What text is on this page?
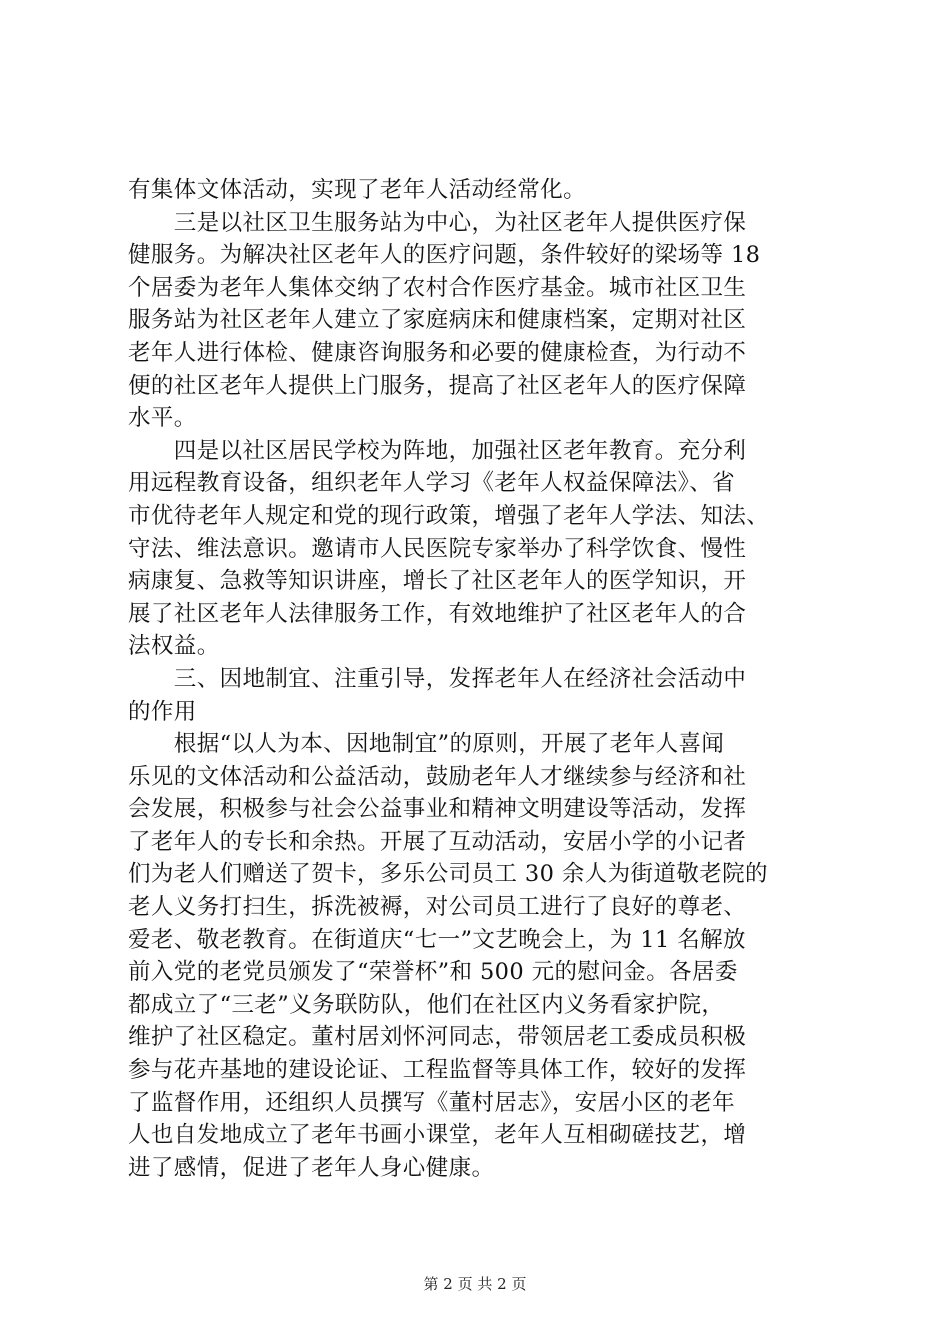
有集体文体活动，实现了老年人活动经常化。
　　三是以社区卫生服务站为中心，为社区老年人提供医疗保
健服务。为解决社区老年人的医疗问题，条件较好的梁场等 18
个居委为老年人集体交纳了农村合作医疗基金。城市社区卫生
服务站为社区老年人建立了家庭病床和健康档案，定期对社区
老年人进行体检、健康咨询服务和必要的健康检查，为行动不
便的社区老年人提供上门服务，提高了社区老年人的医疗保障
水平。
　　四是以社区居民学校为阵地，加强社区老年教育。充分利
用远程教育设备，组织老年人学习《老年人权益保障法》、省
市优待老年人规定和党的现行政策，增强了老年人学法、知法、
守法、维法意识。邀请市人民医院专家举办了科学饮食、慢性
病康复、急救等知识讲座，增长了社区老年人的医学知识，开
展了社区老年人法律服务工作，有效地维护了社区老年人的合
法权益。
　　三、因地制宜、注重引导，发挥老年人在经济社会活动中
的作用
　　根据“以人为本、因地制宜”的原则，开展了老年人喜闻
乐见的文体活动和公益活动，鼓励老年人才继续参与经济和社
会发展，积极参与社会公益事业和精神文明建设等活动，发挥
了老年人的专长和余热。开展了互动活动，安居小学的小记者
们为老人们赠送了贺卡，多乐公司员工 30 余人为街道敬老院的
老人义务打扫生，拆洗被褥，对公司员工进行了良好的尊老、
爱老、敬老教育。在街道庆“七一”文艺晚会上，为 11 名解放
前入党的老党员颁发了“荣誉杯”和 500 元的慰问金。各居委
都成立了“三老”义务联防队，他们在社区内义务看家护院，
维护了社区稳定。董村居刘怀河同志，带领居老工委成员积极
参与花卉基地的建设论证、工程监督等具体工作，较好的发挥
了监督作用，还组织人员撰写《董村居志》，安居小区的老年
人也自发地成立了老年书画小课堂，老年人互相砌磋技艺，增
进了感情，促进了老年人身心健康。
第 2 页 共 2 页
